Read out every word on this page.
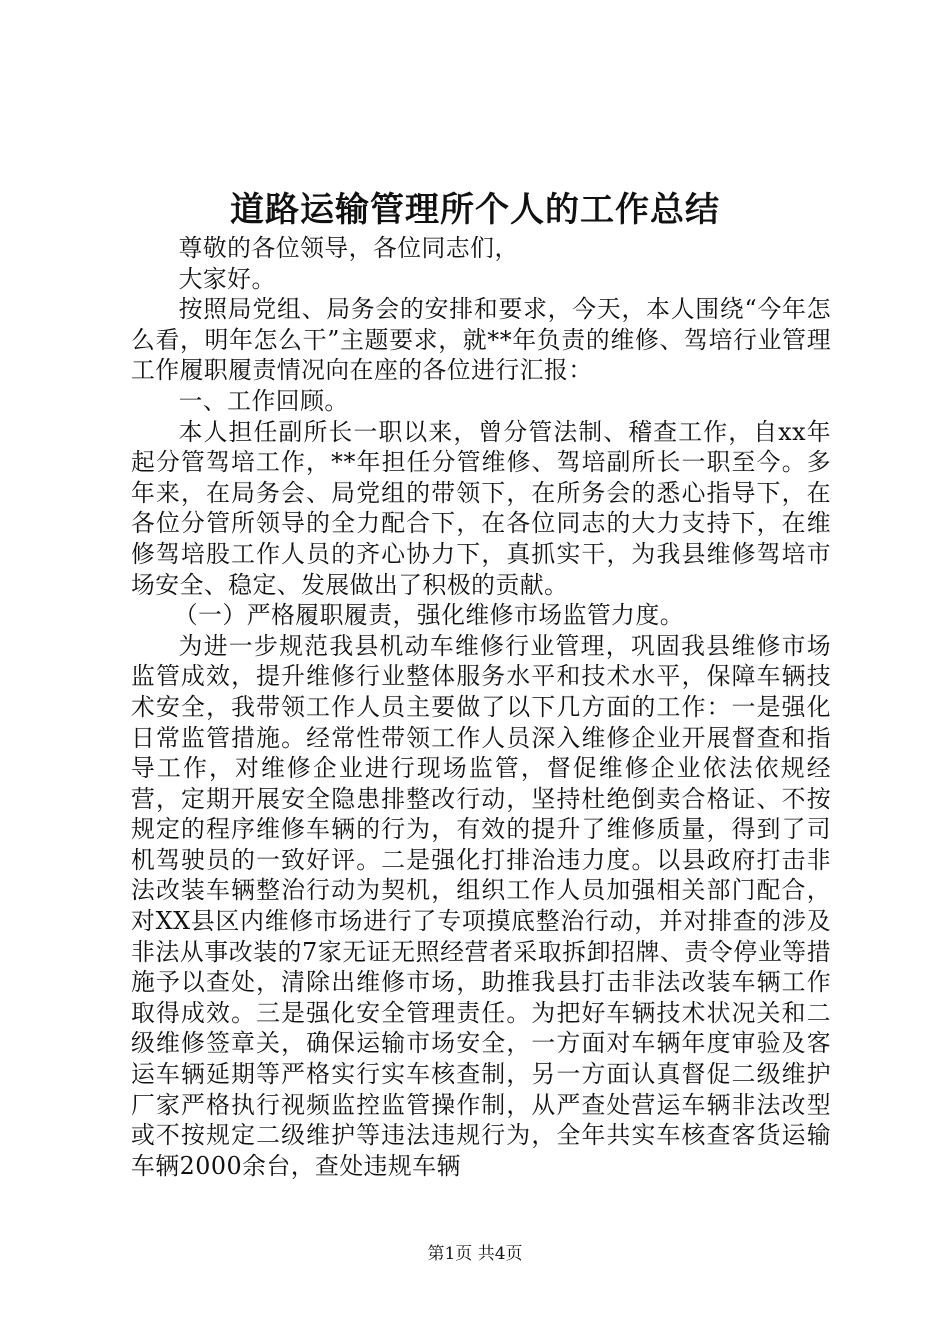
道路运输管理所个人的工作总结

尊敬的各位领导，各位同志们，

大家好。

按照局党组、局务会的安排和要求，今天，本人围绕“今年怎么看，明年怎么干”主题要求，就**年负责的维修、驾培行业管理工作履职履责情况向在座的各位进行汇报：

一、工作回顾。

本人担任副所长一职以来，曾分管法制、稽查工作，自xx年起分管驾培工作，**年担任分管维修、驾培副所长一职至今。多年来，在局务会、局党组的带领下，在所务会的悉心指导下，在各位分管所领导的全力配合下，在各位同志的大力支持下，在维修驾培股工作人员的齐心协力下，真抓实干，为我县维修驾培市场安全、稳定、发展做出了积极的贡献。

（一）严格履职履责，强化维修市场监管力度。

为进一步规范我县机动车维修行业管理，巩固我县维修市场监管成效，提升维修行业整体服务水平和技术水平，保障车辆技术安全，我带领工作人员主要做了以下几方面的工作：一是强化日常监管措施。经常性带领工作人员深入维修企业开展督查和指导工作，对维修企业进行现场监管，督促维修企业依法依规经营，定期开展安全隐患排整改行动，坚持杜绝倒卖合格证、不按规定的程序维修车辆的行为，有效的提升了维修质量，得到了司机驾驶员的一致好评。二是强化打排治违力度。以县政府打击非法改装车辆整治行动为契机，组织工作人员加强相关部门配合，对XX县区内维修市场进行了专项摸底整治行动，并对排查的涉及非法从事改装的7家无证无照经营者采取拆卸招牌、责令停业等措施予以查处，清除出维修市场，助推我县打击非法改装车辆工作取得成效。三是强化安全管理责任。为把好车辆技术状况关和二级维修签章关，确保运输市场安全，一方面对车辆年度审验及客运车辆延期等严格实行实车核查制，另一方面认真督促二级维护厂家严格执行视频监控监管操作制，从严查处营运车辆非法改型或不按规定二级维护等违法违规行为，全年共实车核查客货运输车辆2000余台，查处违规车辆

第1页 共4页
